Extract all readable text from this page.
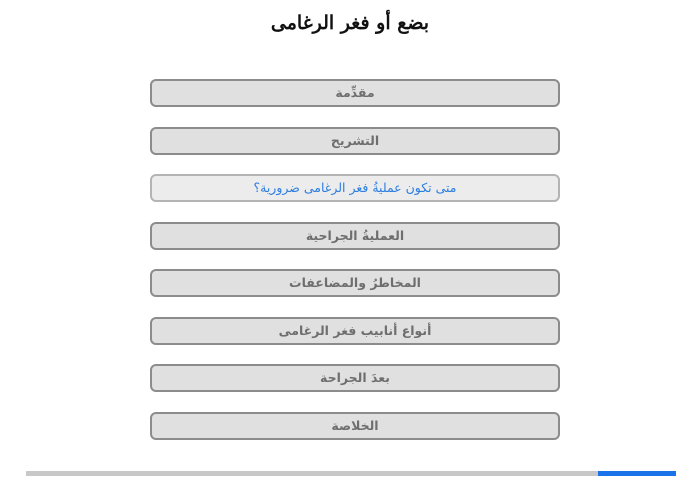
بضع أو فغر الرغامى
مقدِّمة
التشريح
متى تكون عمليةُ فغر الرغامى ضرورية؟
العمليةُ الجراحية
المخاطرُ والمضاعفات
أنواع أنابيب فغر الرغامى
بعدَ الجراحة
الخلاصة
